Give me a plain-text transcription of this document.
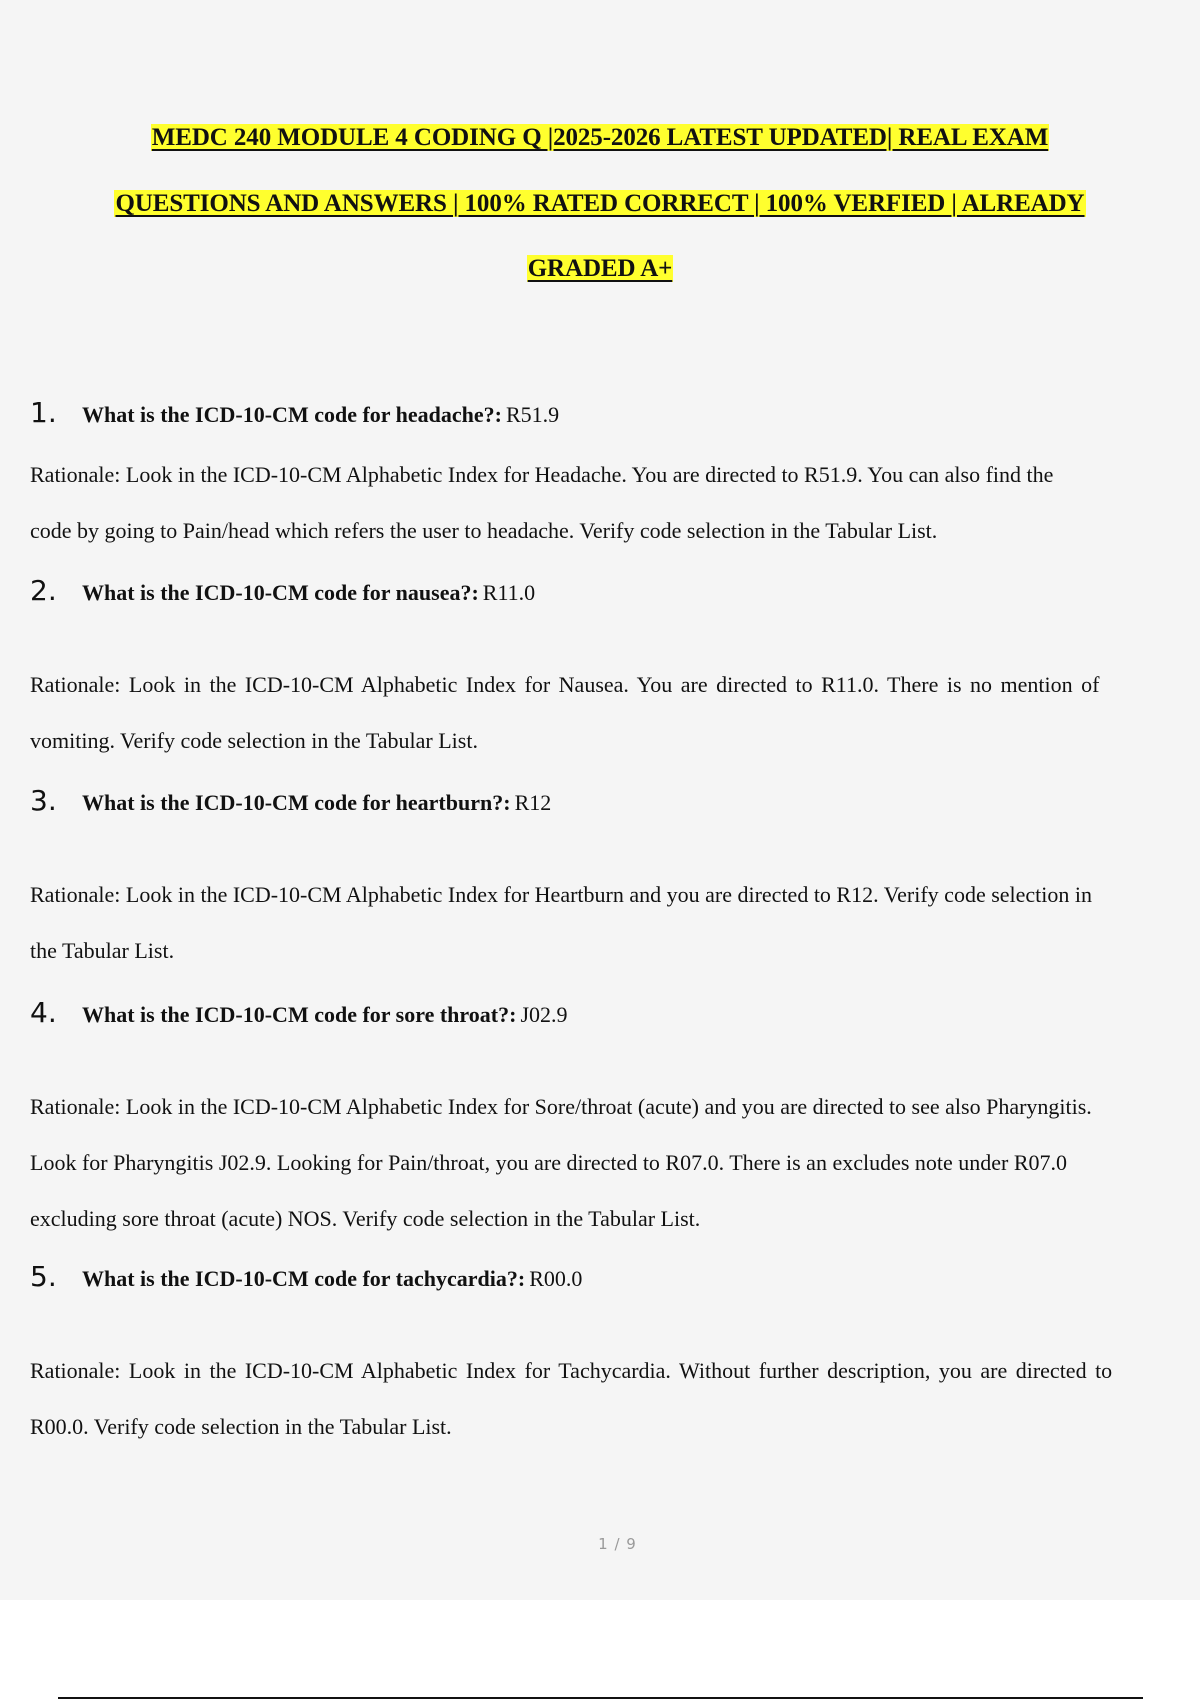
MEDC 240 MODULE 4 CODING Q |2025-2026 LATEST UPDATED| REAL EXAM
QUESTIONS AND ANSWERS | 100% RATED CORRECT | 100% VERFIED | ALREADY
GRADED A+
1. What is the ICD-10-CM code for headache?: R51.9
Rationale: Look in the ICD-10-CM Alphabetic Index for Headache. You are directed to R51.9. You can also find the
code by going to Pain/head which refers the user to headache. Verify code selection in the Tabular List.
2. What is the ICD-10-CM code for nausea?: R11.0
Rationale: Look in the ICD-10-CM Alphabetic Index for Nausea. You are directed to R11.0. There is no mention of
vomiting. Verify code selection in the Tabular List.
3. What is the ICD-10-CM code for heartburn?: R12
Rationale: Look in the ICD-10-CM Alphabetic Index for Heartburn and you are directed to R12. Verify code selection in
the Tabular List.
4. What is the ICD-10-CM code for sore throat?: J02.9
Rationale: Look in the ICD-10-CM Alphabetic Index for Sore/throat (acute) and you are directed to see also Pharyngitis.
Look for Pharyngitis J02.9. Looking for Pain/throat, you are directed to R07.0. There is an excludes note under R07.0
excluding sore throat (acute) NOS. Verify code selection in the Tabular List.
5. What is the ICD-10-CM code for tachycardia?: R00.0
Rationale: Look in the ICD-10-CM Alphabetic Index for Tachycardia. Without further description, you are directed to
R00.0. Verify code selection in the Tabular List.
1 / 9
